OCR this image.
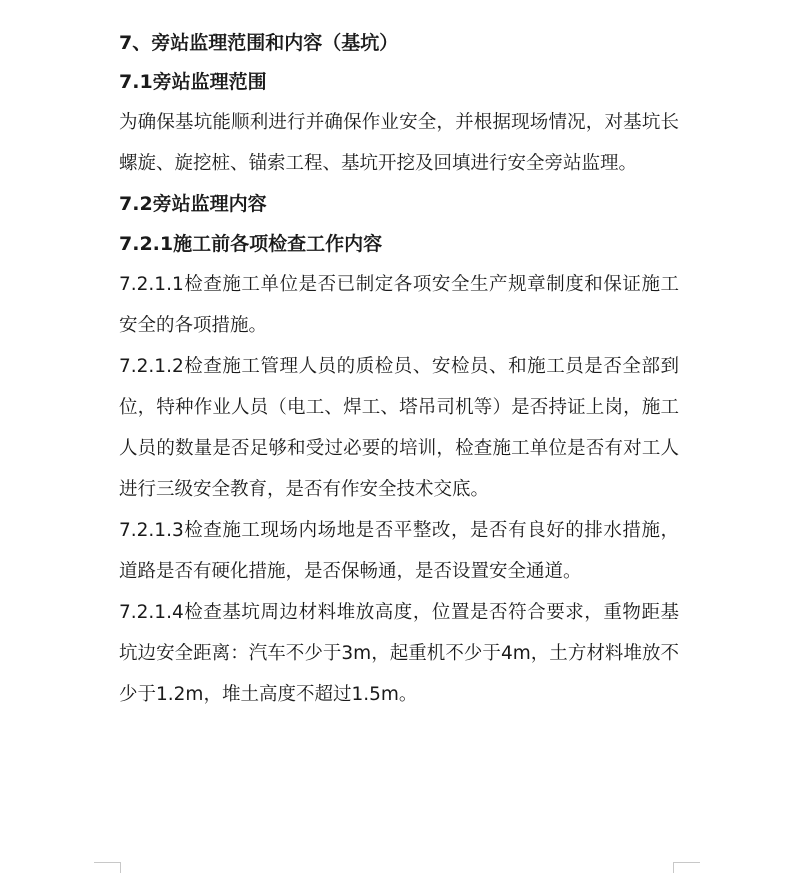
7、旁站监理范围和内容（基坑）
7.1旁站监理范围

为确保基坑能顺利进行并确保作业安全，并根据现场情况，对基坑长螺旋、旋挖桩、锚索工程、基坑开挖及回填进行安全旁站监理。

7.2旁站监理内容
7.2.1施工前各项检查工作内容

7.2.1.1检查施工单位是否已制定各项安全生产规章制度和保证施工安全的各项措施。

7.2.1.2检查施工管理人员的质检员、安检员、和施工员是否全部到位，特种作业人员（电工、焊工、塔吊司机等）是否持证上岗，施工人员的数量是否足够和受过必要的培训，检查施工单位是否有对工人进行三级安全教育，是否有作安全技术交底。

7.2.1.3检查施工现场内场地是否平整改，是否有良好的排水措施，道路是否有硬化措施，是否保畅通，是否设置安全通道。

7.2.1.4检查基坑周边材料堆放高度，位置是否符合要求，重物距基坑边安全距离：汽车不少于3m，起重机不少于4m，土方材料堆放不少于1.2m，堆土高度不超过1.5m。
